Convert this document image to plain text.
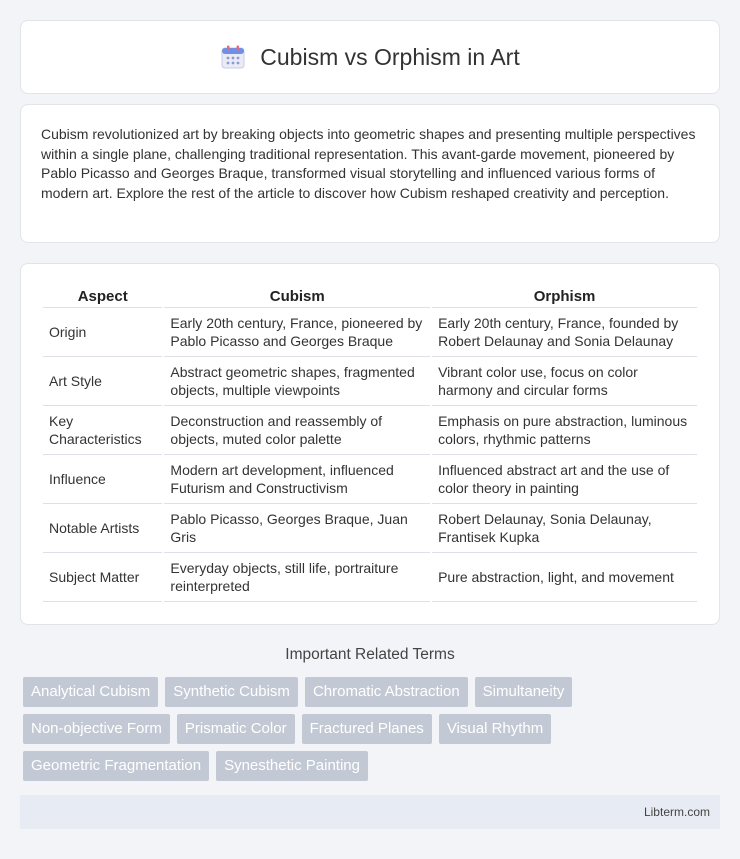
Cubism vs Orphism in Art

Cubism revolutionized art by breaking objects into geometric shapes and presenting multiple perspectives within a single plane, challenging traditional representation. This avant-garde movement, pioneered by Pablo Picasso and Georges Braque, transformed visual storytelling and influenced various forms of modern art. Explore the rest of the article to discover how Cubism reshaped creativity and perception.

Aspect	Cubism	Orphism
Origin	Early 20th century, France, pioneered by Pablo Picasso and Georges Braque	Early 20th century, France, founded by Robert Delaunay and Sonia Delaunay
Art Style	Abstract geometric shapes, fragmented objects, multiple viewpoints	Vibrant color use, focus on color harmony and circular forms
Key Characteristics	Deconstruction and reassembly of objects, muted color palette	Emphasis on pure abstraction, luminous colors, rhythmic patterns
Influence	Modern art development, influenced Futurism and Constructivism	Influenced abstract art and the use of color theory in painting
Notable Artists	Pablo Picasso, Georges Braque, Juan Gris	Robert Delaunay, Sonia Delaunay, Frantisek Kupka
Subject Matter	Everyday objects, still life, portraiture reinterpreted	Pure abstraction, light, and movement
Important Related Terms
Analytical Cubism	Synthetic Cubism	Chromatic Abstraction	Simultaneity
Non-objective Form	Prismatic Color	Fractured Planes	Visual Rhythm
Geometric Fragmentation	Synesthetic Painting
Libterm.com
